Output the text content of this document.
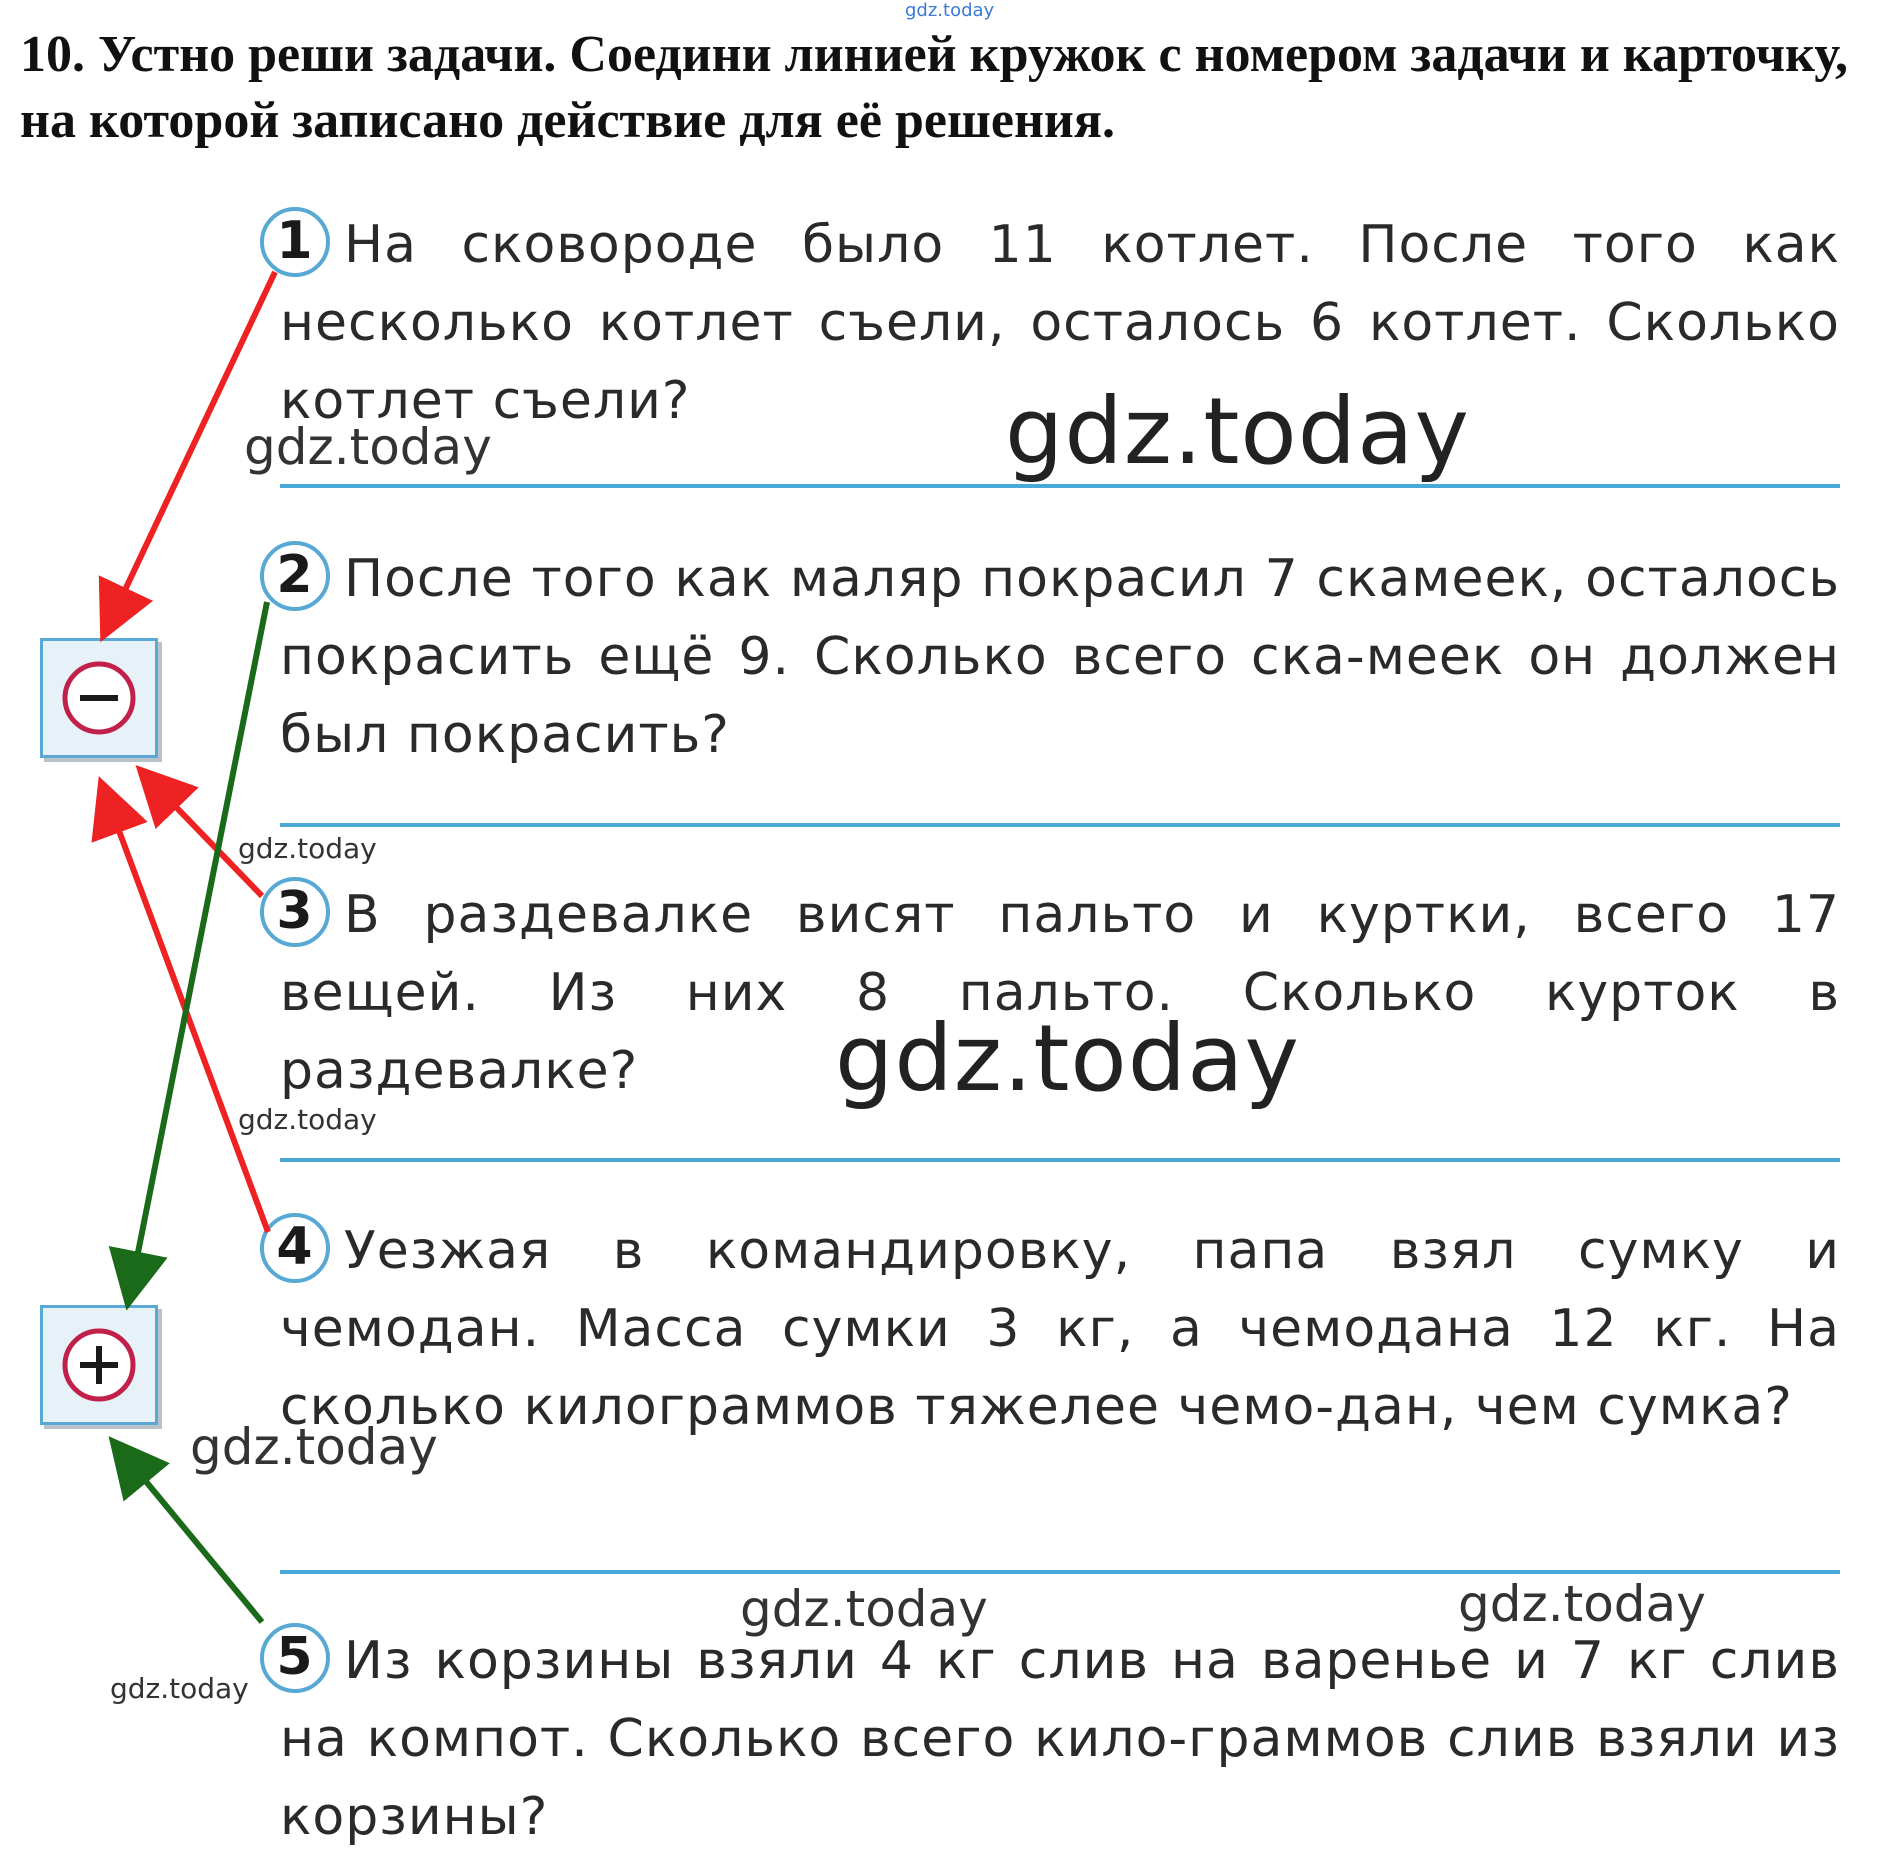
gdz.today
10. Устно реши задачи. Соедини линией кружок с номером задачи и карточку, на которой записано действие для её решения.
1 На сковороде было 11 котлет. После того как несколько котлет съели, осталось 6 котлет. Сколько котлет съели?
2 После того как маляр покрасил 7 скамеек, осталось покрасить ещё 9. Сколько всего ска-меек он должен был покрасить?
3 В раздевалке висят пальто и куртки, всего 17 вещей. Из них 8 пальто. Сколько курток в раздевалке?
4 Уезжая в командировку, папа взял сумку и чемодан. Масса сумки 3 кг, а чемодана 12 кг. На сколько килограммов тяжелее чемо-дан, чем сумка?
5 Из корзины взяли 4 кг слив на варенье и 7 кг слив на компот. Сколько всего кило-граммов слив взяли из корзины?
gdz.today
gdz.today
gdz.today
gdz.today
gdz.today
gdz.today
gdz.today	gdz.today
gdz.today
